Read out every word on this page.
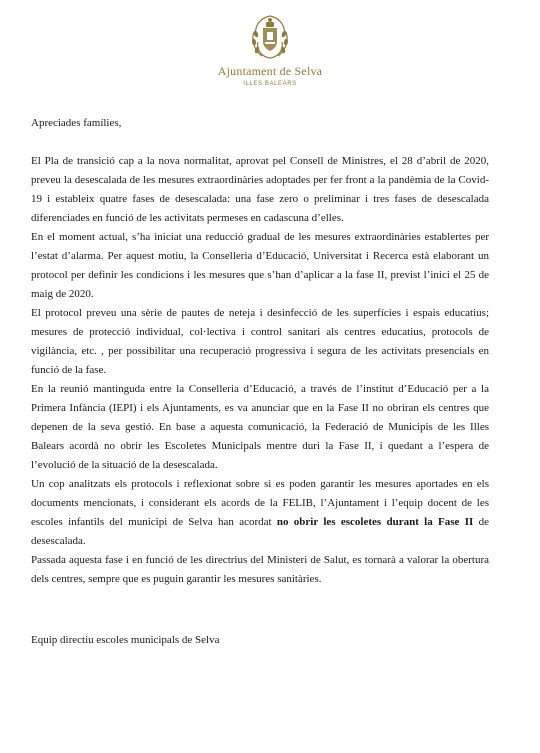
Ajuntament de Selva
ILLES BALEARS

Apreciades famílies,

El Pla de transició cap a la nova normalitat, aprovat pel Consell de Ministres, el 28 d’abril de 2020, preveu la desescalada de les mesures extraordinàries adoptades per fer front a la pandèmia de la Covid- 19 i estableix quatre fases de desescalada: una fase zero o preliminar i tres fases de desescalada diferenciades en funció de les activitats permeses en cadascuna d’elles.

En el moment actual, s’ha iniciat una reducció gradual de les mesures extraordinàries establertes per l’estat d’alarma. Per aquest motiu, la Conselleria d’Educació, Universitat i Recerca està elaborant un protocol per definir les condicions i les mesures que s’han d’aplicar a la fase II, previst l’inici el 25 de maig de 2020.

El protocol preveu una sèrie de pautes de neteja i desinfecció de les superfícies i espais educatius; mesures de protecció individual, col·lectiva i control sanitari als centres educatius, protocols de vigilància, etc. , per possibilitar una recuperació progressiva i segura de les activitats presencials en funció de la fase.

En la reunió mantinguda entre la Conselleria d’Educació, a través de l’institut d’Educació per a la Primera Infància (IEPI) i els Ajuntaments, es va anunciar que en la Fase II no obriran els centres que depenen de la seva gestió. En base a aquesta comunicació, la Federació de Municipis de les Illes Balears acordà no obrir les Escoletes Municipals mentre duri la Fase II, i quedant a l’espera de l’evolució de la situació de la desescalada.

Un cop analitzats els protocols i reflexionat sobre si es poden garantir les mesures aportades en els documents mencionats, i considerant els acords de la FELIB, l’Ajuntament i l’equip docent de les escoles infantils del municipi de Selva han acordat no obrir les escoletes durant la Fase II de desescalada.

Passada aquesta fase i en funció de les directrius del Ministeri de Salut, es tornarà a valorar la obertura dels centres, sempre que es puguin garantir les mesures sanitàries.

Equip directiu escoles municipals de Selva
